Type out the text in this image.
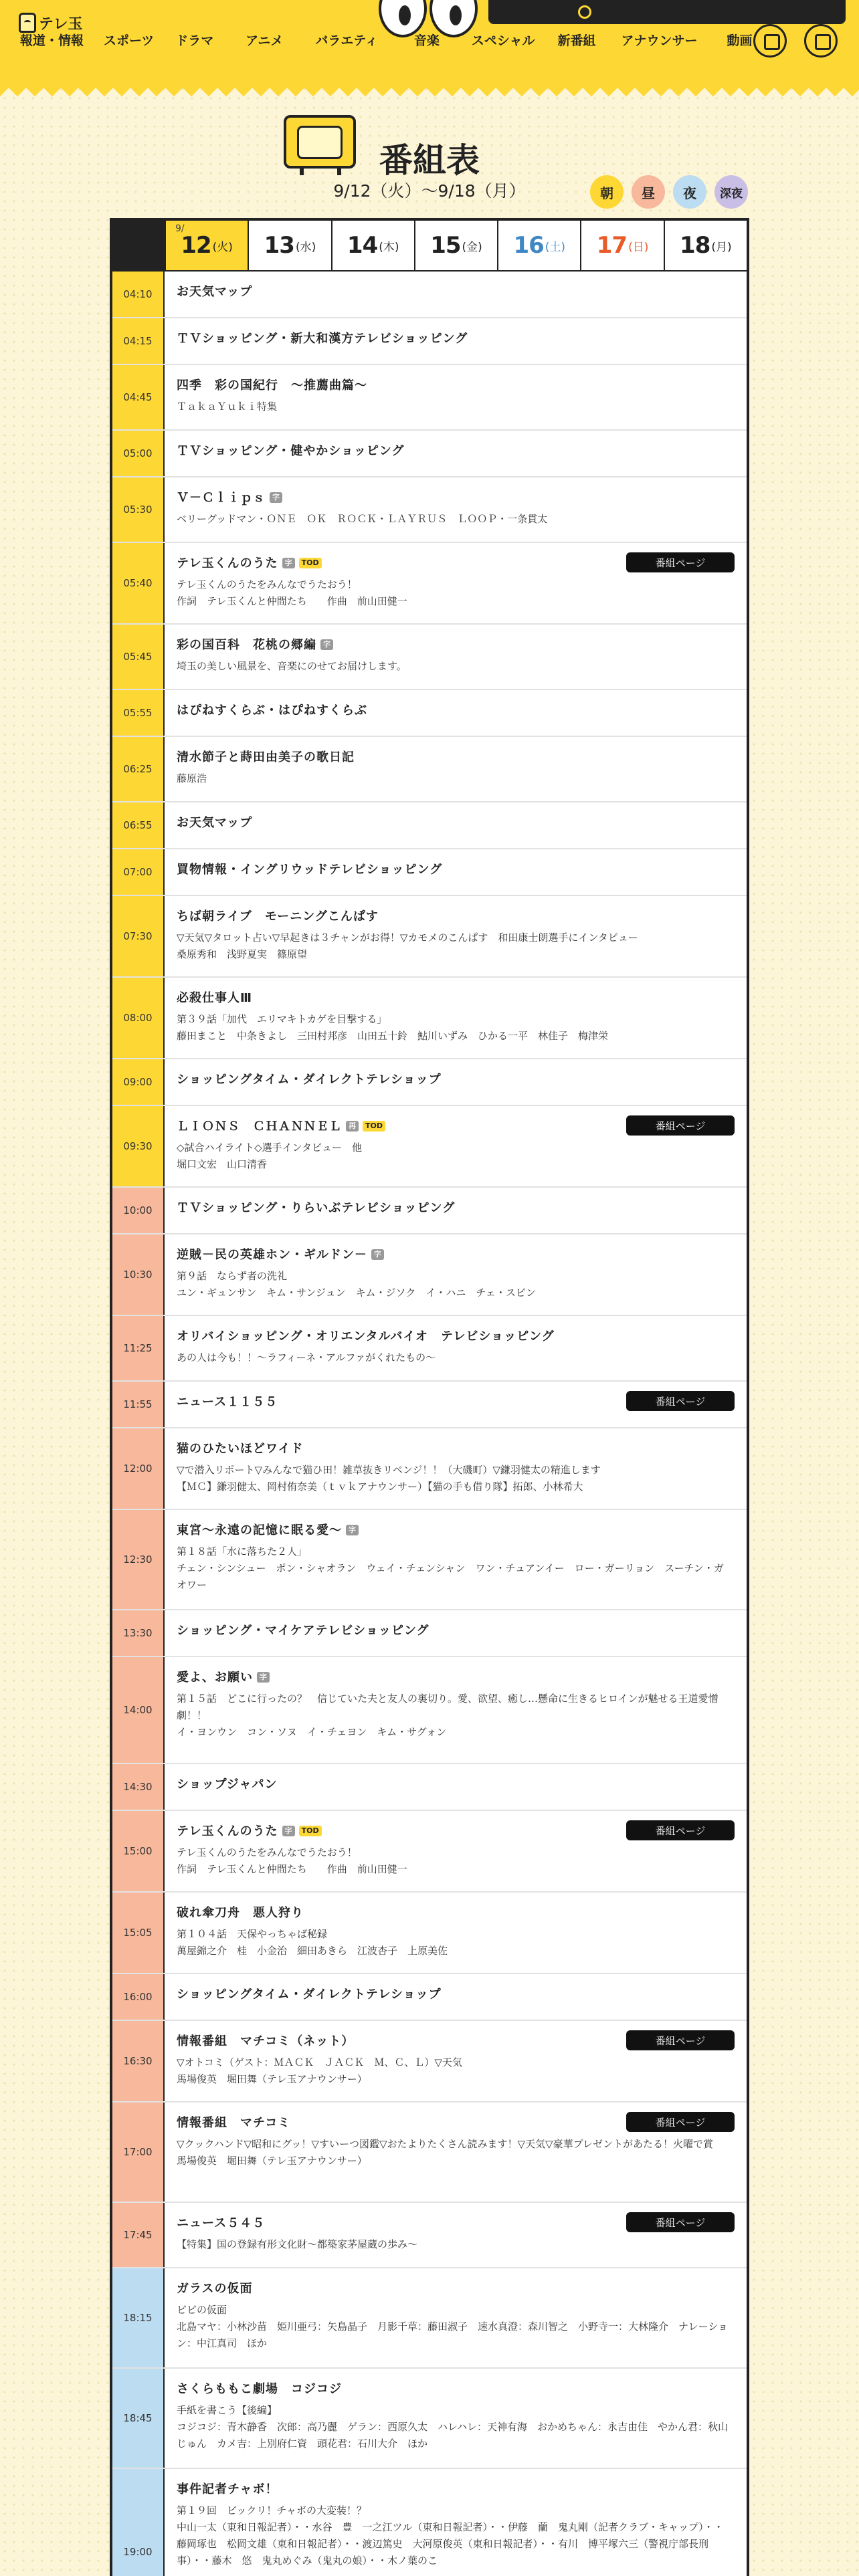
テレ玉
報道・情報 スポーツ ドラマ	アニメ	バラエティ	音楽	スペシャル 新番組 アナウンサー 動画
番組表
9/12（火）〜9/18（月）	朝	昼	夜	深夜
9/
12 (火) 13 (水) 14 (木) 15 (金) 16 (土) 17 (日) 18 (月)
04:10	お天気マップ
04:15	ＴＶショッピング・新大和漢方テレビショッピング
04:45
四季　彩の国紀行　〜推薦曲篇〜
ＴａｋａＹｕｋｉ特集
05:00	ＴＶショッピング・健やかショッピング
05:30
Ｖ－Ｃｌｉｐｓ 字
ベリーグッドマン・ＯＮＥ　ＯＫ　ＲＯＣＫ・ＬＡＹＲＵＳ　ＬＯＯＰ・一条貫太
05:40
テレ玉くんのうた 字 TOD
テレ玉くんのうたをみんなでうたおう！
作詞　テレ玉くんと仲間たち　　作曲　前山田健一
番組ページ
05:45
彩の国百科　花桃の郷編 字
埼玉の美しい風景を、音楽にのせてお届けします。
05:55	はぴねすくらぶ・はぴねすくらぶ
06:25
清水節子と蒔田由美子の歌日記
藤原浩
06:55	お天気マップ
07:00	買物情報・イングリウッドテレビショッピング
07:30
ちば朝ライブ　モーニングこんぱす
▽天気▽タロット占い▽早起きは３チャンがお得！▽カモメのこんぱす　和田康士朗選手にインタビュー
桑原秀和　浅野夏実　篠原望
08:00
必殺仕事人Ⅲ
第３９話「加代　エリマキトカゲを目撃する」
藤田まこと　中条きよし　三田村邦彦　山田五十鈴　鮎川いずみ　ひかる一平　林佳子　梅津栄
09:00	ショッピングタイム・ダイレクトテレショップ
09:30
ＬＩＯＮＳ　ＣＨＡＮＮＥＬ 再 TOD
◇試合ハイライト◇選手インタビュー　他
堀口文宏　山口清香
番組ページ
10:00	ＴＶショッピング・りらいぶテレビショッピング
10:30
逆賊－民の英雄ホン・ギルドン－ 字
第９話　ならず者の洗礼
ユン・ギュンサン　キム・サンジュン　キム・ジソク　イ・ハニ　チェ・スビン
11:25
オリバイショッピング・オリエンタルバイオ　テレビショッピング
あの人は今も！！〜ラフィーネ・アルファがくれたもの〜
11:55	ニュース１１５５	番組ページ
12:00
猫のひたいほどワイド
▽で潜入リポート▽みんなで猫ひ田！雑草抜きリベンジ！！（大磯町）▽鎌羽健太の精進します
【ＭＣ】鎌羽健太、岡村侑奈美（ｔｖｋアナウンサー）【猫の手も借り隊】拓郎、小林希大
12:30
東宮〜永遠の記憶に眠る愛〜 字
第１８話「水に落ちた２人」
チェン・シンシュー　ポン・シャオラン　ウェイ・チェンシャン　ワン・チュアンイー　ロー・ガーリョン　スーチン・ガオワー
13:30	ショッピング・マイケアテレビショッピング
14:00
愛よ、お願い 字
第１５話　どこに行ったの？　信じていた夫と友人の裏切り。愛、欲望、癒し…懸命に生きるヒロインが魅せる王道愛憎劇！！
イ・ヨンウン　コン・ソヌ　イ・チェヨン　キム・サグォン
14:30	ショップジャパン
15:00
テレ玉くんのうた 字 TOD
テレ玉くんのうたをみんなでうたおう！
作詞　テレ玉くんと仲間たち　　作曲　前山田健一
番組ページ
15:05
破れ傘刀舟　悪人狩り
第１０４話　天保やっちゃば秘録
萬屋錦之介　桂　小金治　細田あきら　江波杏子　上原美佐
16:00	ショッピングタイム・ダイレクトテレショップ
16:30
情報番組　マチコミ（ネット）
▽オトコミ（ゲスト：ＭＡＣＫ　ＪＡＣＫ　Ｍ、Ｃ、Ｌ）▽天気
馬場俊英　堀田舞（テレ玉アナウンサー）
番組ページ
17:00
情報番組　マチコミ
▽クックハンド▽昭和にグッ！▽すいーつ図鑑▽おたよりたくさん読みます！▽天気▽豪華プレゼントがあたる！火曜で賞
馬場俊英　堀田舞（テレ玉アナウンサー）
番組ページ
17:45
ニュース５４５
【特集】国の登録有形文化財〜都築家茅屋蔵の歩み〜
番組ページ
18:15
ガラスの仮面
ビビの仮面
北島マヤ：小林沙苗　姫川亜弓：矢島晶子　月影千草：藤田淑子　速水真澄：森川智之　小野寺一：大林隆介　ナレーション：中江真司　ほか
18:45
さくらももこ劇場　コジコジ
手紙を書こう【後編】
コジコジ：青木静香　次郎：高乃麗　ゲラン：西原久太　ハレハレ：天神有海　おかめちゃん：永吉由佳　やかん君：秋山じゅん　カメ吉：上別府仁資　頭花君：石川大介　ほか
19:00
事件記者チャボ！
第１９回　ビックリ！チャボの大変装！？
中山一太（東和日報記者）・・水谷　豊　一之江ツル（東和日報記者）・・伊藤　蘭　鬼丸剛（記者クラブ・キャップ）・・藤岡琢也　松岡文雄（東和日報記者）・・渡辺篤史　大河原俊英（東和日報記者）・・有川　博平塚六三（警視庁部長刑事）・・藤木　悠　鬼丸めぐみ（鬼丸の娘）・・木ノ葉のこ
